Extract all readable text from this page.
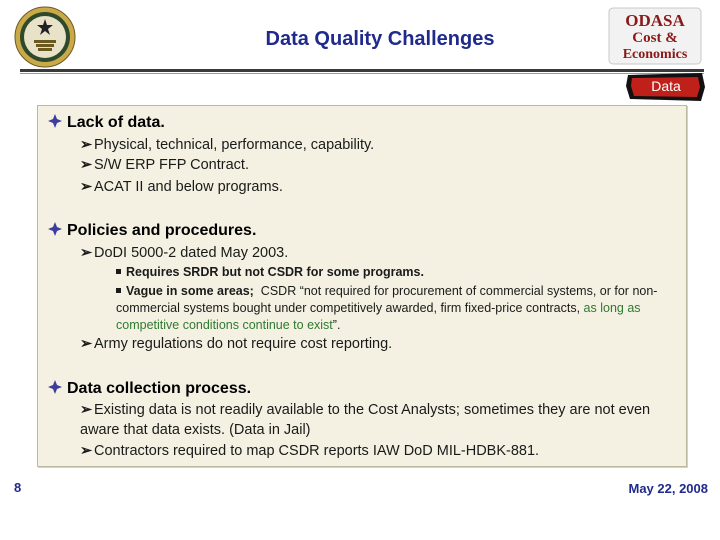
Data Quality Challenges
ODASA
Cost &
Economics
Data
Lack of data.
➢ Physical, technical, performance, capability.
➢ S/W ERP FFP Contract.
➢ ACAT II and below programs.
Policies and procedures.
➢ DoDI 5000-2 dated May 2003.
Requires SRDR but not CSDR for some programs.
Vague in some areas; CSDR “not required for procurement of commercial systems, or for non-commercial systems bought under competitively awarded, firm fixed-price contracts, as long as competitive conditions continue to exist”.
➢ Army regulations do not require cost reporting.
Data collection process.
➢ Existing data is not readily available to the Cost Analysts; sometimes they are not even aware that data exists. (Data in Jail)
➢ Contractors required to map CSDR reports IAW DoD MIL-HDBK-881.
8	May 22, 2008
